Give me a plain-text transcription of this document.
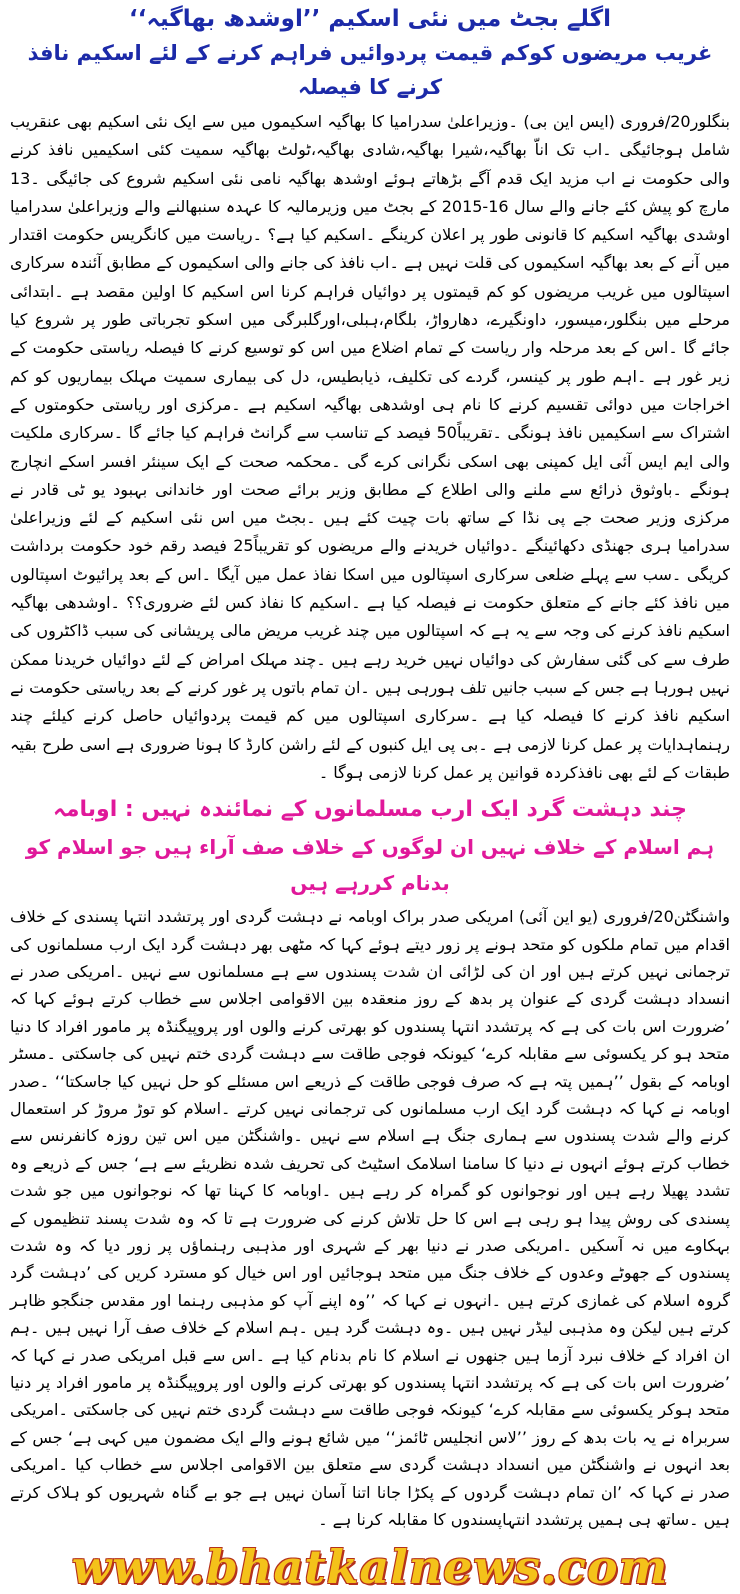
اگلے بجٹ میں نئی اسکیم ’’اوشدھ بھاگیہ‘‘
غریب مریضوں کوکم قیمت پردوائیں فراہم کرنے کے لئے اسکیم نافذ کرنے کا فیصلہ

بنگلور20/فروری (ایس این بی) ۔وزیراعلیٰ سدرامیا کا بھاگیہ اسکیموں میں سے ایک نئی اسکیم بھی عنقریب شامل ہوجائیگی ۔اب تک اناّ بھاگیہ،شیرا بھاگیہ،شادی بھاگیہ،ٹولٹ بھاگیہ سمیت کئی اسکیمیں نافذ کرنے والی حکومت نے اب مزید ایک قدم آگے بڑھاتے ہوئے اوشدھ بھاگیہ نامی نئی اسکیم شروع کی جائیگی ۔13 مارچ کو پیش کئے جانے والے سال 16-2015 کے بجٹ میں وزیرمالیہ کا عہدہ سنبھالنے والے وزیراعلیٰ سدرامیا اوشدی بھاگیہ اسکیم کا قانونی طور پر اعلان کرینگے ۔اسکیم کیا ہے؟ ۔ریاست میں کانگریس حکومت اقتدار میں آنے کے بعد بھاگیہ اسکیموں کی قلت نہیں ہے ۔اب نافذ کی جانے والی اسکیموں کے مطابق آئندہ سرکاری اسپتالوں میں غریب مریضوں کو کم قیمتوں پر دوائیاں فراہم کرنا اس اسکیم کا اولین مقصد ہے ۔ابتدائی مرحلے میں بنگلور،میسور، داونگیرے، دھارواڑ، بلگام،ہبلی،اورگلبرگی میں اسکو تجرباتی طور پر شروع کیا جائے گا ۔اس کے بعد مرحلہ وار ریاست کے تمام اضلاع میں اس کو توسیع کرنے کا فیصلہ ریاستی حکومت کے زیر غور ہے ۔اہم طور پر کینسر، گردے کی تکلیف، ذیابطیس، دل کی بیماری سمیت مہلک بیماریوں کو کم اخراجات میں دوائی تقسیم کرنے کا نام ہی اوشدھی بھاگیہ اسکیم ہے ۔مرکزی اور ریاستی حکومتوں کے اشتراک سے اسکیمیں نافذ ہونگی ۔تقریباً50 فیصد کے تناسب سے گرانٹ فراہم کیا جائے گا ۔سرکاری ملکیت والی ایم ایس آئی ایل کمپنی بھی اسکی نگرانی کرے گی ۔محکمہ صحت کے ایک سینئر افسر اسکے انچارج ہونگے ۔باوثوق ذرائع سے ملنے والی اطلاع کے مطابق وزیر برائے صحت اور خاندانی بہبود یو ٹی قادر نے مرکزی وزیر صحت جے پی نڈا کے ساتھ بات چیت کئے ہیں ۔بجٹ میں اس نئی اسکیم کے لئے وزیراعلیٰ سدرامیا ہری جھنڈی دکھائینگے ۔دوائیاں خریدنے والے مریضوں کو تقریباً25 فیصد رقم خود حکومت برداشت کریگی ۔سب سے پہلے ضلعی سرکاری اسپتالوں میں اسکا نفاذ عمل میں آیگا ۔اس کے بعد پرائیوٹ اسپتالوں میں نافذ کئے جانے کے متعلق حکومت نے فیصلہ کیا ہے ۔اسکیم کا نفاذ کس لئے ضروری؟؟ ۔اوشدھی بھاگیہ اسکیم نافذ کرنے کی وجہ سے یہ ہے کہ اسپتالوں میں چند غریب مریض مالی پریشانی کی سبب ڈاکٹروں کی طرف سے کی گئی سفارش کی دوائیاں نہیں خرید رہے ہیں ۔چند مہلک امراض کے لئے دوائیاں خریدنا ممکن نہیں ہورہا ہے جس کے سبب جانیں تلف ہورہی ہیں ۔ان تمام باتوں پر غور کرنے کے بعد ریاستی حکومت نے اسکیم نافذ کرنے کا فیصلہ کیا ہے ۔سرکاری اسپتالوں میں کم قیمت پردوائیاں حاصل کرنے کیلئے چند رہنماہدایات پر عمل کرنا لازمی ہے ۔بی پی ایل کنبوں کے لئے راشن کارڈ کا ہونا ضروری ہے اسی طرح بقیہ طبقات کے لئے بھی نافذکردہ قوانین پر عمل کرنا لازمی ہوگا ۔

چند دہشت گرد ایک ارب مسلمانوں کے نمائندہ نہیں : اوبامہ
ہم اسلام کے خلاف نہیں ان لوگوں کے خلاف صف آراء ہیں جو اسلام کو بدنام کررہے ہیں

واشنگٹن20/فروری (یو این آئی) امریکی صدر براک اوبامہ نے دہشت گردی اور پرتشدد انتہا پسندی کے خلاف اقدام میں تمام ملکوں کو متحد ہونے پر زور دیتے ہوئے کہا کہ مٹھی بھر دہشت گرد ایک ارب مسلمانوں کی ترجمانی نہیں کرتے ہیں اور ان کی لڑائی ان شدت پسندوں سے ہے مسلمانوں سے نہیں ۔امریکی صدر نے انسداد دہشت گردی کے عنوان پر بدھ کے روز منعقدہ بین الاقوامی اجلاس سے خطاب کرتے ہوئے کہا کہ ’ضرورت اس بات کی ہے کہ پرتشدد انتہا پسندوں کو بھرتی کرنے والوں اور پروپیگنڈہ پر مامور افراد کا دنیا متحد ہو کر یکسوئی سے مقابلہ کرے‘ کیونکہ فوجی طاقت سے دہشت گردی ختم نہیں کی جاسکتی ۔مسٹر اوبامہ کے بقول ’’ہمیں پتہ ہے کہ صرف فوجی طاقت کے ذریعے اس مسئلے کو حل نہیں کیا جاسکتا‘‘ ۔صدر اوبامہ نے کہا کہ دہشت گرد ایک ارب مسلمانوں کی ترجمانی نہیں کرتے ۔اسلام کو توڑ مروڑ کر استعمال کرنے والے شدت پسندوں سے ہماری جنگ ہے اسلام سے نہیں ۔واشنگٹن میں اس تین روزہ کانفرنس سے خطاب کرتے ہوئے انہوں نے دنیا کا سامنا اسلامک اسٹیٹ کی تحریف شدہ نظریئے سے ہے‘ جس کے ذریعے وہ تشدد پھیلا رہے ہیں اور نوجوانوں کو گمراہ کر رہے ہیں ۔اوبامہ کا کہنا تھا کہ نوجوانوں میں جو شدت پسندی کی روش پیدا ہو رہی ہے اس کا حل تلاش کرنے کی ضرورت ہے تا کہ وہ شدت پسند تنظیموں کے بہکاوے میں نہ آسکیں ۔امریکی صدر نے دنیا بھر کے شہری اور مذہبی رہنماؤں پر زور دیا کہ وہ شدت پسندوں کے جھوٹے وعدوں کے خلاف جنگ میں متحد ہوجائیں اور اس خیال کو مسترد کریں کی ’دہشت گرد گروہ اسلام کی غمازی کرتے ہیں ۔انہوں نے کہا کہ ’’وہ اپنے آپ کو مذہبی رہنما اور مقدس جنگجو ظاہر کرتے ہیں لیکن وہ مذہبی لیڈر نہیں ہیں ۔وہ دہشت گرد ہیں ۔ہم اسلام کے خلاف صف آرا نہیں ہیں ۔ہم ان افراد کے خلاف نبرد آزما ہیں جنھوں نے اسلام کا نام بدنام کیا ہے ۔اس سے قبل امریکی صدر نے کہا کہ ’ضرورت اس بات کی ہے کہ پرتشدد انتہا پسندوں کو بھرتی کرنے والوں اور پروپیگنڈہ پر مامور افراد پر دنیا متحد ہوکر یکسوئی سے مقابلہ کرے‘ کیونکہ فوجی طاقت سے دہشت گردی ختم نہیں کی جاسکتی ۔امریکی سربراہ نے یہ بات بدھ کے روز ’’لاس انجلیس ٹائمز‘‘ میں شائع ہونے والے ایک مضمون میں کہی ہے‘ جس کے بعد انہوں نے واشنگٹن میں انسداد دہشت گردی سے متعلق بین الاقوامی اجلاس سے خطاب کیا ۔امریکی صدر نے کہا کہ ’ان تمام دہشت گردوں کے پکڑا جانا اتنا آسان نہیں ہے جو بے گناہ شہریوں کو ہلاک کرتے ہیں ۔ساتھ ہی ہمیں پرتشدد انتہاپسندوں کا مقابلہ کرنا ہے ۔

www.bhatkalnews.com
